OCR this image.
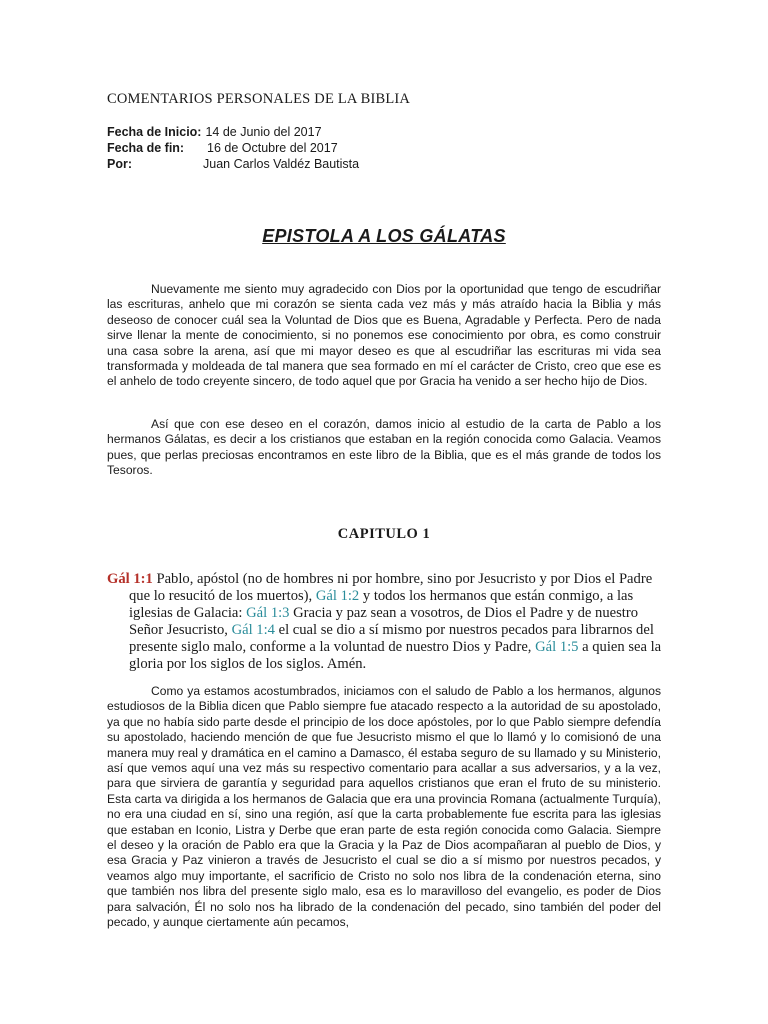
COMENTARIOS PERSONALES DE LA BIBLIA
Fecha de Inicio: 14 de Junio del 2017
Fecha de fin:	16 de Octubre del 2017
Por:	Juan Carlos Valdéz Bautista
EPISTOLA A LOS GÁLATAS

Nuevamente me siento muy agradecido con Dios por la oportunidad que tengo de escudriñar las escrituras, anhelo que mi corazón se sienta cada vez más y más atraído hacia la Biblia y más deseoso de conocer cuál sea la Voluntad de Dios que es Buena, Agradable y Perfecta. Pero de nada sirve llenar la mente de conocimiento, si no ponemos ese conocimiento por obra, es como construir una casa sobre la arena, así que mi mayor deseo es que al escudriñar las escrituras mi vida sea transformada y moldeada de tal manera que sea formado en mí el carácter de Cristo, creo que ese es el anhelo de todo creyente sincero, de todo aquel que por Gracia ha venido a ser hecho hijo de Dios.

Así que con ese deseo en el corazón, damos inicio al estudio de la carta de Pablo a los hermanos Gálatas, es decir a los cristianos que estaban en la región conocida como Galacia. Veamos pues, que perlas preciosas encontramos en este libro de la Biblia, que es el más grande de todos los Tesoros.

CAPITULO 1

Gál 1:1 Pablo, apóstol (no de hombres ni por hombre, sino por Jesucristo y por Dios el Padre que lo resucitó de los muertos), Gál 1:2 y todos los hermanos que están conmigo, a las iglesias de Galacia: Gál 1:3 Gracia y paz sean a vosotros, de Dios el Padre y de nuestro Señor Jesucristo, Gál 1:4 el cual se dio a sí mismo por nuestros pecados para librarnos del presente siglo malo, conforme a la voluntad de nuestro Dios y Padre, Gál 1:5 a quien sea la gloria por los siglos de los siglos. Amén.

Como ya estamos acostumbrados, iniciamos con el saludo de Pablo a los hermanos, algunos estudiosos de la Biblia dicen que Pablo siempre fue atacado respecto a la autoridad de su apostolado, ya que no había sido parte desde el principio de los doce apóstoles, por lo que Pablo siempre defendía su apostolado, haciendo mención de que fue Jesucristo mismo el que lo llamó y lo comisionó de una manera muy real y dramática en el camino a Damasco, él estaba seguro de su llamado y su Ministerio, así que vemos aquí una vez más su respectivo comentario para acallar a sus adversarios, y a la vez, para que sirviera de garantía y seguridad para aquellos cristianos que eran el fruto de su ministerio. Esta carta va dirigida a los hermanos de Galacia que era una provincia Romana (actualmente Turquía), no era una ciudad en sí, sino una región, así que la carta probablemente fue escrita para las iglesias que estaban en Iconio, Listra y Derbe que eran parte de esta región conocida como Galacia. Siempre el deseo y la oración de Pablo era que la Gracia y la Paz de Dios acompañaran al pueblo de Dios, y esa Gracia y Paz vinieron a través de Jesucristo el cual se dio a sí mismo por nuestros pecados, y veamos algo muy importante, el sacrificio de Cristo no solo nos libra de la condenación eterna, sino que también nos libra del presente siglo malo, esa es lo maravilloso del evangelio, es poder de Dios para salvación, Él no solo nos ha librado de la condenación del pecado, sino también del poder del pecado, y aunque ciertamente aún pecamos,
